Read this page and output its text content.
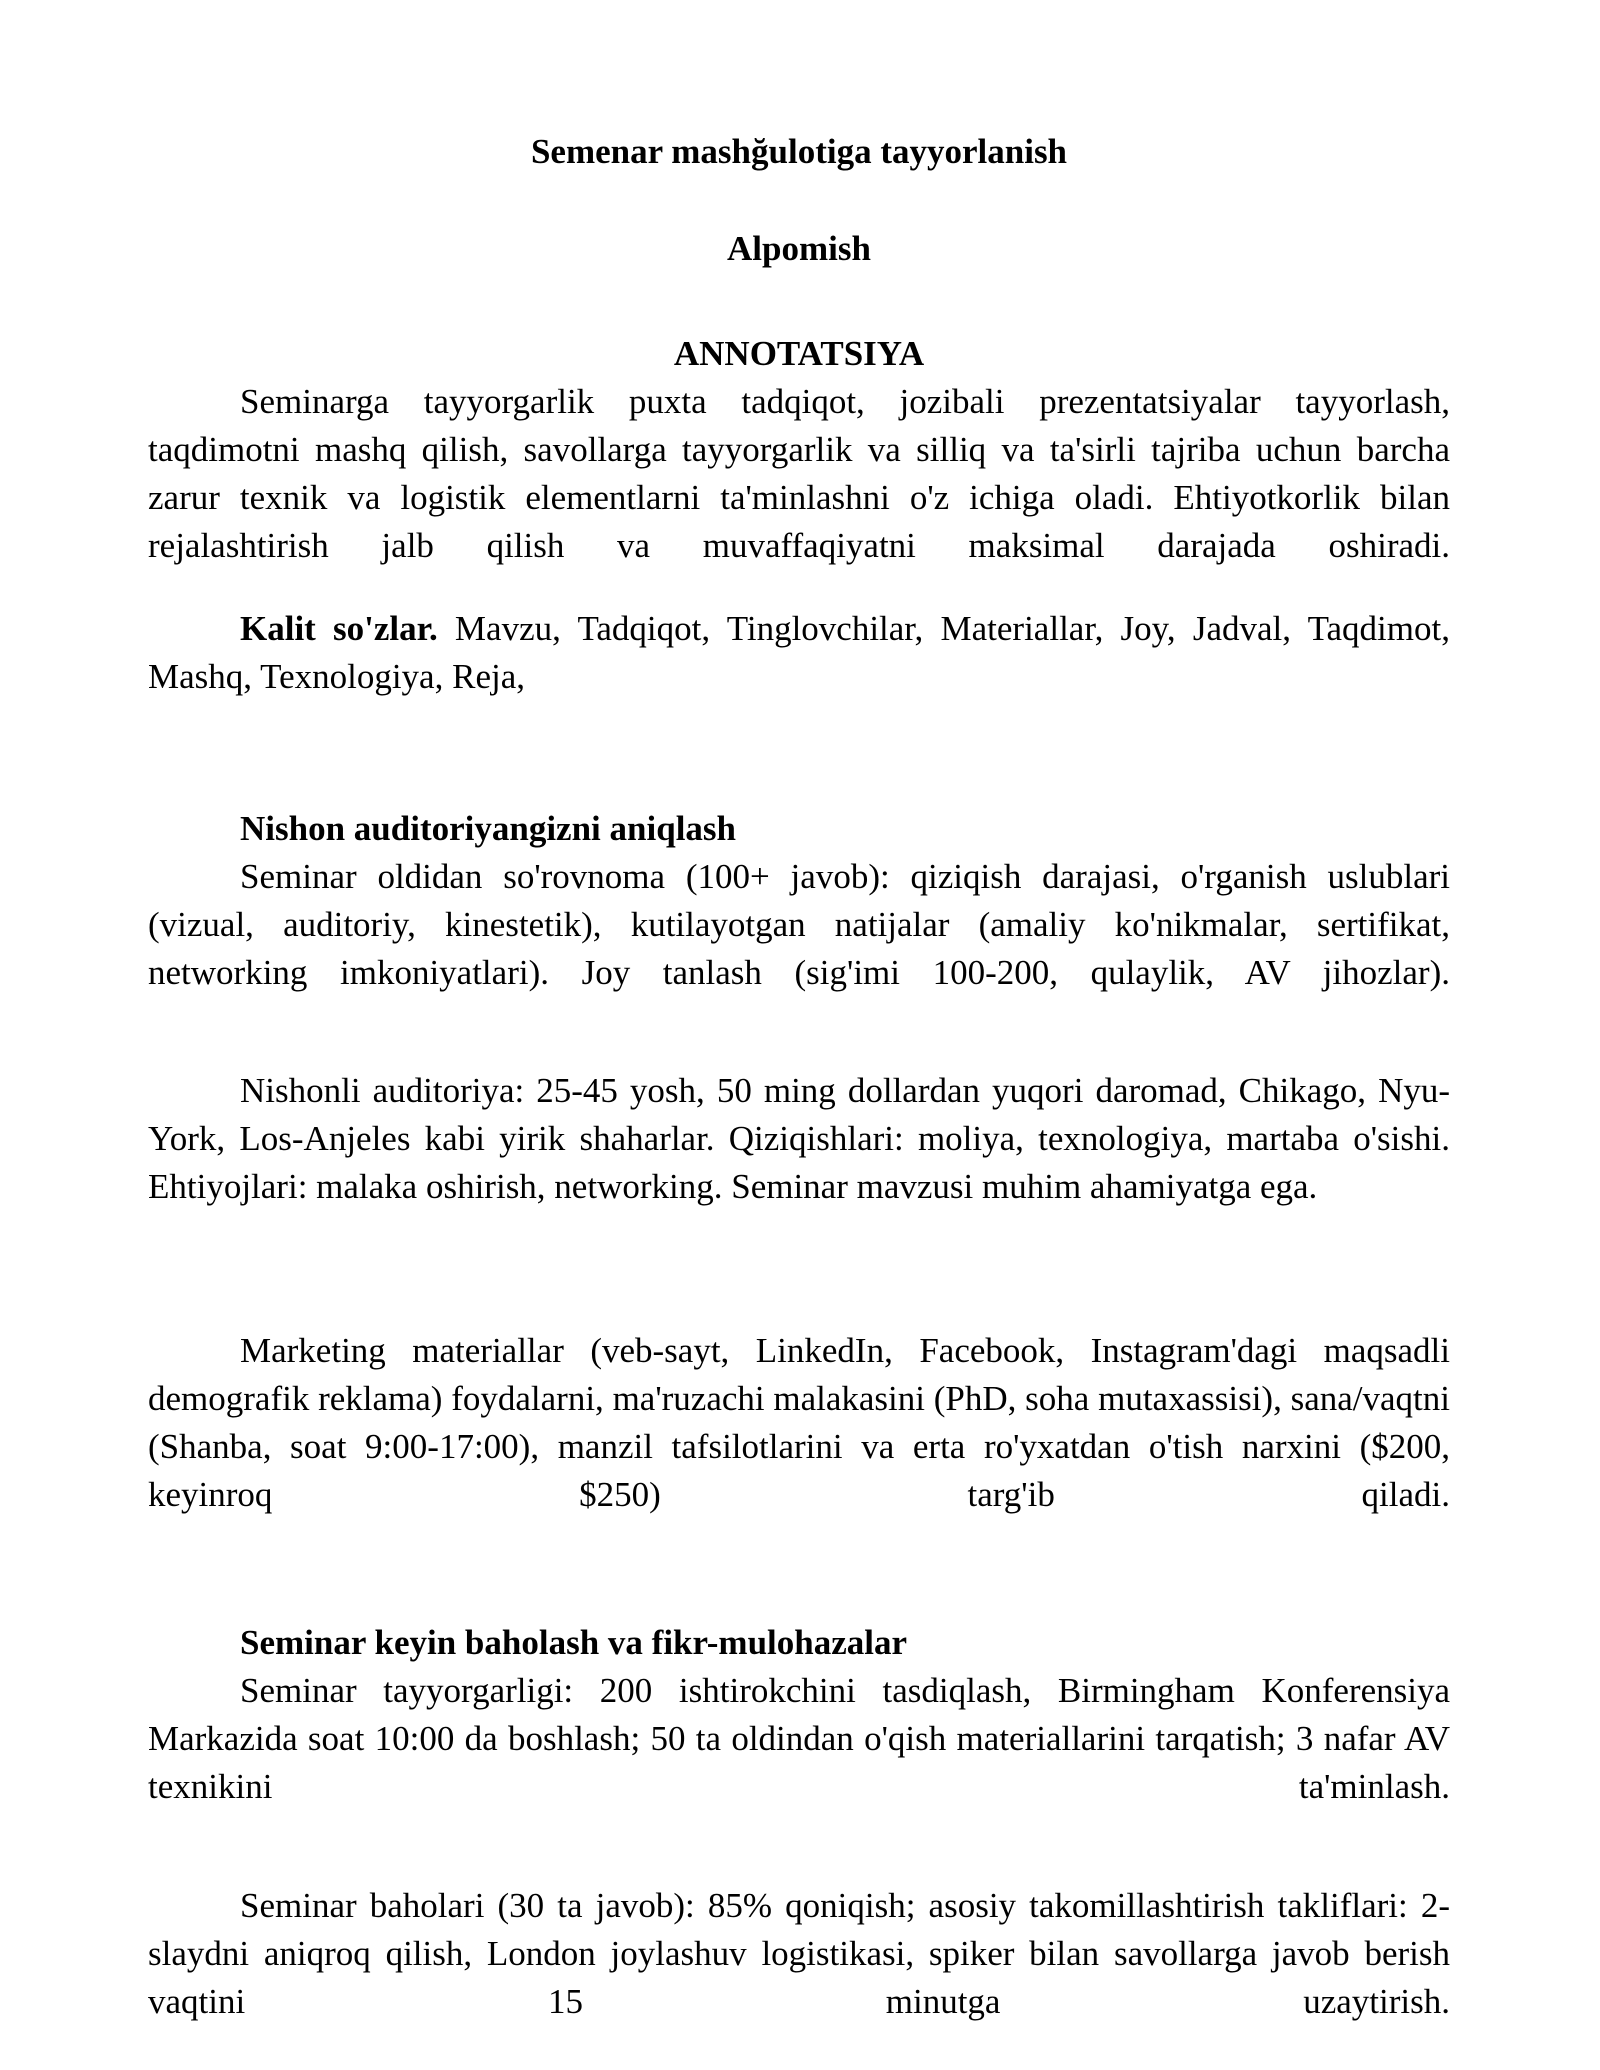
Semenar mashğulotiga tayyorlanish

Alpomish

ANNOTATSIYA

Seminarga tayyorgarlik puxta tadqiqot, jozibali prezentatsiyalar tayyorlash, taqdimotni mashq qilish, savollarga tayyorgarlik va silliq va ta'sirli tajriba uchun barcha zarur texnik va logistik elementlarni ta'minlashni o'z ichiga oladi. Ehtiyotkorlik bilan rejalashtirish jalb qilish va muvaffaqiyatni maksimal darajada oshiradi.

Kalit so'zlar. Mavzu, Tadqiqot, Tinglovchilar, Materiallar, Joy, Jadval, Taqdimot, Mashq, Texnologiya, Reja,

Nishon auditoriyangizni aniqlash

Seminar oldidan so'rovnoma (100+ javob): qiziqish darajasi, o'rganish uslublari (vizual, auditoriy, kinestetik), kutilayotgan natijalar (amaliy ko'nikmalar, sertifikat, networking imkoniyatlari). Joy tanlash (sig'imi 100-200, qulaylik, AV jihozlar).

Nishonli auditoriya: 25-45 yosh, 50 ming dollardan yuqori daromad, Chikago, Nyu-York, Los-Anjeles kabi yirik shaharlar. Qiziqishlari: moliya, texnologiya, martaba o'sishi. Ehtiyojlari: malaka oshirish, networking. Seminar mavzusi muhim ahamiyatga ega.

Marketing materiallar (veb-sayt, LinkedIn, Facebook, Instagram'dagi maqsadli demografik reklama) foydalarni, ma'ruzachi malakasini (PhD, soha mutaxassisi), sana/vaqtni (Shanba, soat 9:00-17:00), manzil tafsilotlarini va erta ro'yxatdan o'tish narxini ($200, keyinroq $250) targ'ib qiladi.

Seminar keyin baholash va fikr-mulohazalar

Seminar tayyorgarligi: 200 ishtirokchini tasdiqlash, Birmingham Konferensiya Markazida soat 10:00 da boshlash; 50 ta oldindan o'qish materiallarini tarqatish; 3 nafar AV texnikini ta'minlash.

Seminar baholari (30 ta javob): 85% qoniqish; asosiy takomillashtirish takliflari: 2-slaydni aniqroq qilish, London joylashuv logistikasi, spiker bilan savollarga javob berish vaqtini 15 minutga uzaytirish.
